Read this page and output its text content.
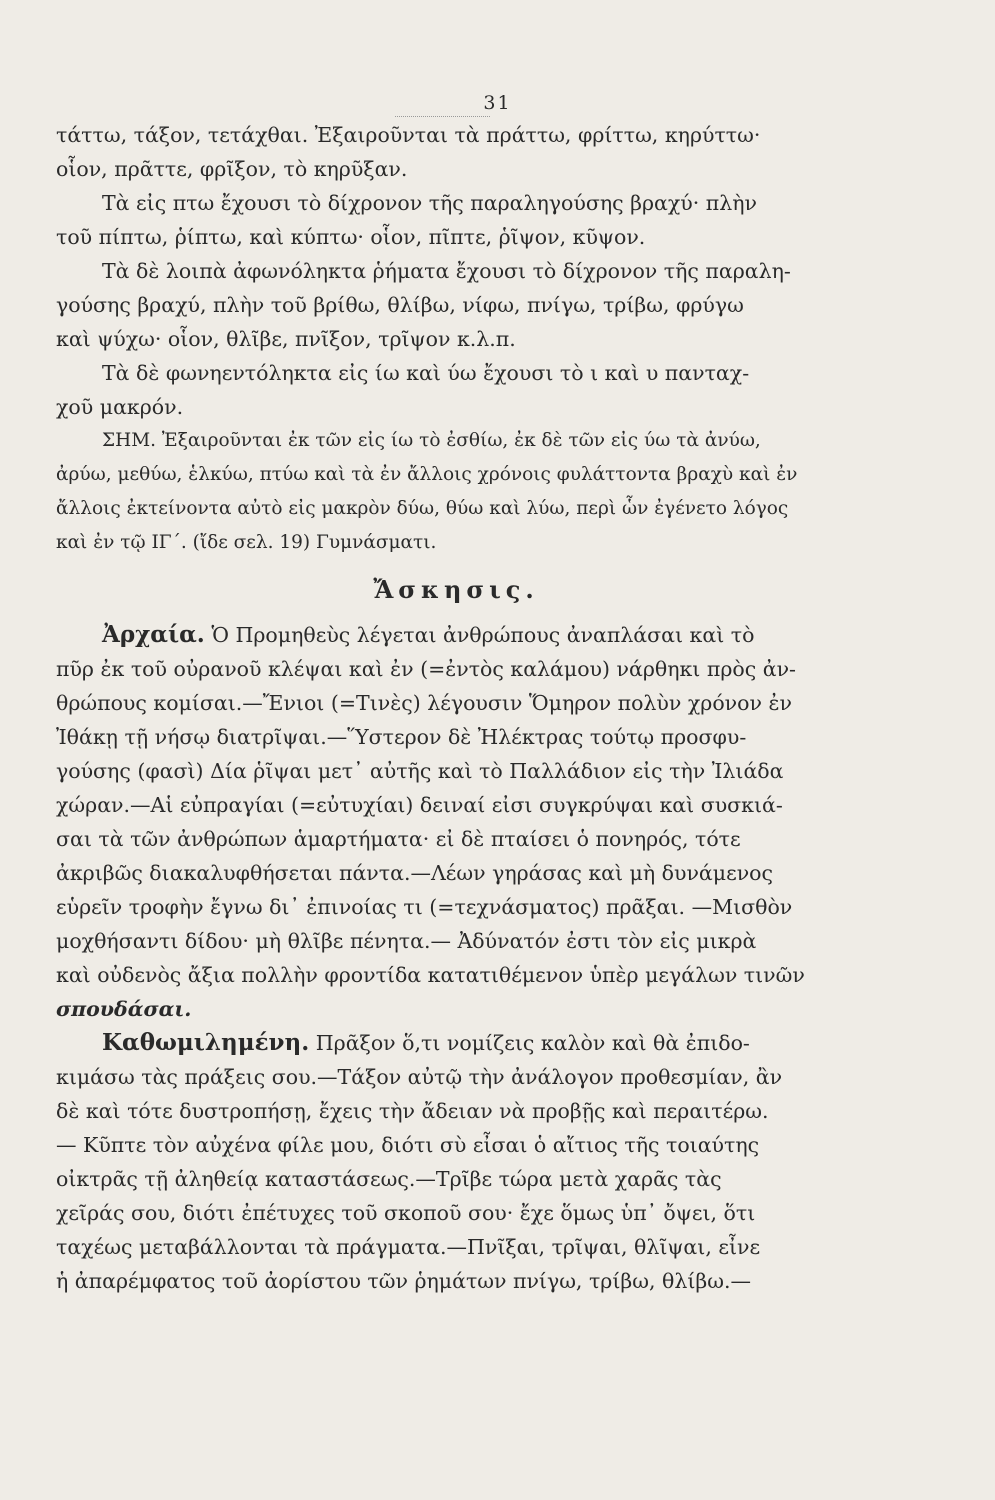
31
τάττω, τάξον, τετάχθαι. Ἐξαιροῦνται τὰ πράττω, φρίττω, κηρύττω·
οἷον, πρᾶττε, φρῖξον, τὸ κηρῦξαν.
Τὰ εἰς πτω ἔχουσι τὸ δίχρονον τῆς παραληγούσης βραχύ· πλὴν
τοῦ πίπτω, ῥίπτω, καὶ κύπτω· οἷον, πῖπτε, ῥῖψον, κῦψον.
Τὰ δὲ λοιπὰ ἀφωνόληκτα ῥήματα ἔχουσι τὸ δίχρονον τῆς παραλη-
γούσης βραχύ, πλὴν τοῦ βρίθω, θλίβω, νίφω, πνίγω, τρίβω, φρύγω
καὶ ψύχω· οἷον, θλῖβε, πνῖξον, τρῖψον κ.λ.π.
Τὰ δὲ φωνηεντόληκτα εἰς ίω καὶ ύω ἔχουσι τὸ ι καὶ υ πανταχ-
χοῦ μακρόν.
ΣΗΜ. Ἐξαιροῦνται ἐκ τῶν εἰς ίω τὸ ἐσθίω, ἐκ δὲ τῶν εἰς ύω τὰ ἀνύω,
ἀρύω, μεθύω, ἑλκύω, πτύω καὶ τὰ ἐν ἄλλοις χρόνοις φυλάττοντα βραχὺ καὶ ἐν
ἄλλοις ἐκτείνοντα αὐτὸ εἰς μακρὸν δύω, θύω καὶ λύω, περὶ ὧν ἐγένετο λόγος
καὶ ἐν τῷ ΙΓ΄. (ἴδε σελ. 19) Γυμνάσματι.
Ἄσκησις.
Ἀρχαία. Ὁ Προμηθεὺς λέγεται ἀνθρώπους ἀναπλάσαι καὶ τὸ
πῦρ ἐκ τοῦ οὐρανοῦ κλέψαι καὶ ἐν (=ἐντὸς καλάμου) νάρθηκι πρὸς ἀν-
θρώπους κομίσαι.—Ἔνιοι (=Τινὲς) λέγουσιν Ὅμηρον πολὺν χρόνον ἐν
Ἰθάκῃ τῇ νήσῳ διατρῖψαι.—Ὕστερον δὲ Ἠλέκτρας τούτῳ προσφυ-
γούσης (φασὶ) Δία ῥῖψαι μετ᾽ αὐτῆς καὶ τὸ Παλλάδιον εἰς τὴν Ἰλιάδα
χώραν.—Αἱ εὐπραγίαι (=εὐτυχίαι) δειναί εἰσι συγκρύψαι καὶ συσκιά-
σαι τὰ τῶν ἀνθρώπων ἁμαρτήματα· εἰ δὲ πταίσει ὁ πονηρός, τότε
ἀκριβῶς διακαλυφθήσεται πάντα.—Λέων γηράσας καὶ μὴ δυνάμενος
εὑρεῖν τροφὴν ἔγνω δι᾽ ἐπινοίας τι (=τεχνάσματος) πρᾶξαι. —Μισθὸν
μοχθήσαντι δίδου· μὴ θλῖβε πένητα.— Ἀδύνατόν ἐστι τὸν εἰς μικρὰ
καὶ οὐδενὸς ἄξια πολλὴν φροντίδα κατατιθέμενον ὑπὲρ μεγάλων τινῶν
σπουδάσαι.
Καθωμιλημένη. Πρᾶξον ὅ,τι νομίζεις καλὸν καὶ θὰ ἐπιδο-
κιμάσω τὰς πράξεις σου.—Τάξον αὐτῷ τὴν ἀνάλογον προθεσμίαν, ἂν
δὲ καὶ τότε δυστροπήσῃ, ἔχεις τὴν ἄδειαν νὰ προβῇς καὶ περαιτέρω.
— Κῦπτε τὸν αὐχένα φίλε μου, διότι σὺ εἶσαι ὁ αἴτιος τῆς τοιαύτης
οἰκτρᾶς τῇ ἀληθείᾳ καταστάσεως.—Τρῖβε τώρα μετὰ χαρᾶς τὰς
χεῖράς σου, διότι ἐπέτυχες τοῦ σκοποῦ σου· ἔχε ὅμως ὑπ᾽ ὄψει, ὅτι
ταχέως μεταβάλλονται τὰ πράγματα.—Πνῖξαι, τρῖψαι, θλῖψαι, εἶνε
ἡ ἀπαρέμφατος τοῦ ἀορίστου τῶν ῥημάτων πνίγω, τρίβω, θλίβω.—
